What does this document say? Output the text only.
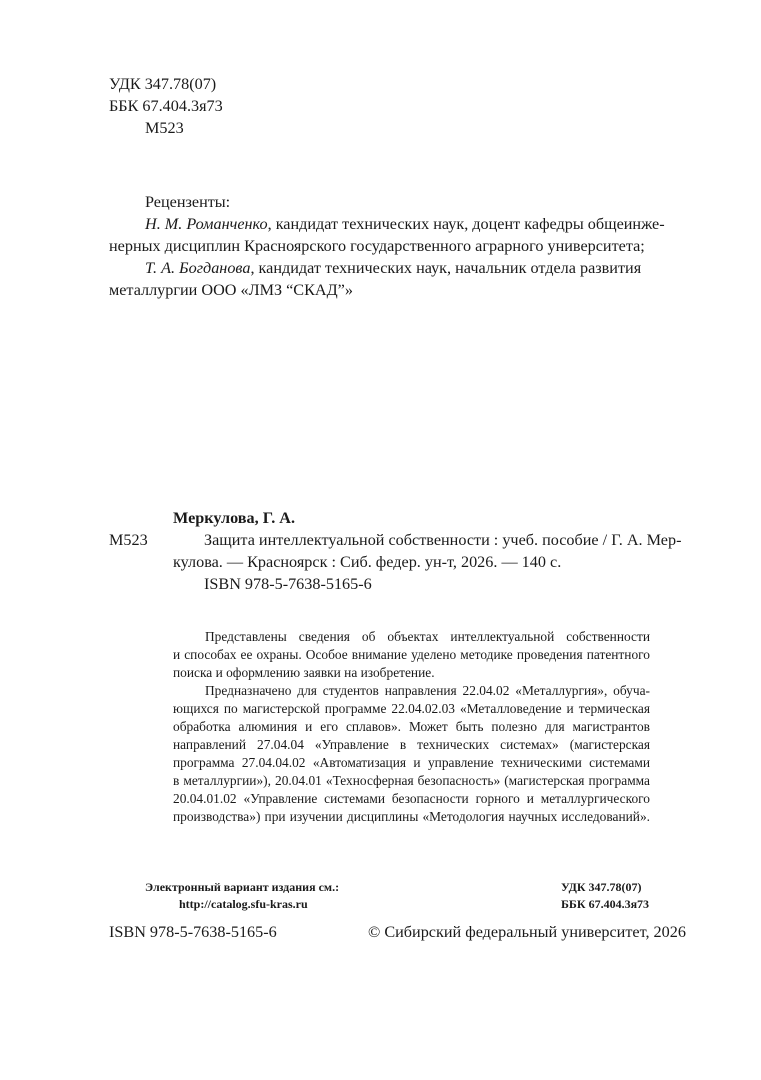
УДК 347.78(07)
ББК 67.404.3я73
М523
Рецензенты:
Н. М. Романченко, кандидат технических наук, доцент кафедры общеинже-
нерных дисциплин Красноярского государственного аграрного университета;
Т. А. Богданова, кандидат технических наук, начальник отдела развития
металлургии ООО «ЛМЗ “СКАД”»
Меркулова, Г. А.
М523	Защита интеллектуальной собственности : учеб. пособие / Г. А. Мер-
кулова. — Красноярск : Сиб. федер. ун-т, 2026. — 140 с.
ISBN 978-5-7638-5165-6
Представлены сведения об объектах интеллектуальной собственности
и способах ее охраны. Особое внимание уделено методике проведения патентного
поиска и оформлению заявки на изобретение.
Предназначено для студентов направления 22.04.02 «Металлургия», обуча-
ющихся по магистерской программе 22.04.02.03 «Металловедение и термическая
обработка алюминия и его сплавов». Может быть полезно для магистрантов
направлений 27.04.04 «Управление в технических системах» (магистерская
программа 27.04.04.02 «Автоматизация и управление техническими системами
в металлургии»), 20.04.01 «Техносферная безопасность» (магистерская программа
20.04.01.02 «Управление системами безопасности горного и металлургического
производства») при изучении дисциплины «Методология научных исследований».
Электронный вариант издания см.:
http://catalog.sfu-kras.ru
УДК 347.78(07)
ББК 67.404.3я73
ISBN 978-5-7638-5165-6	© Сибирский федеральный университет, 2026
